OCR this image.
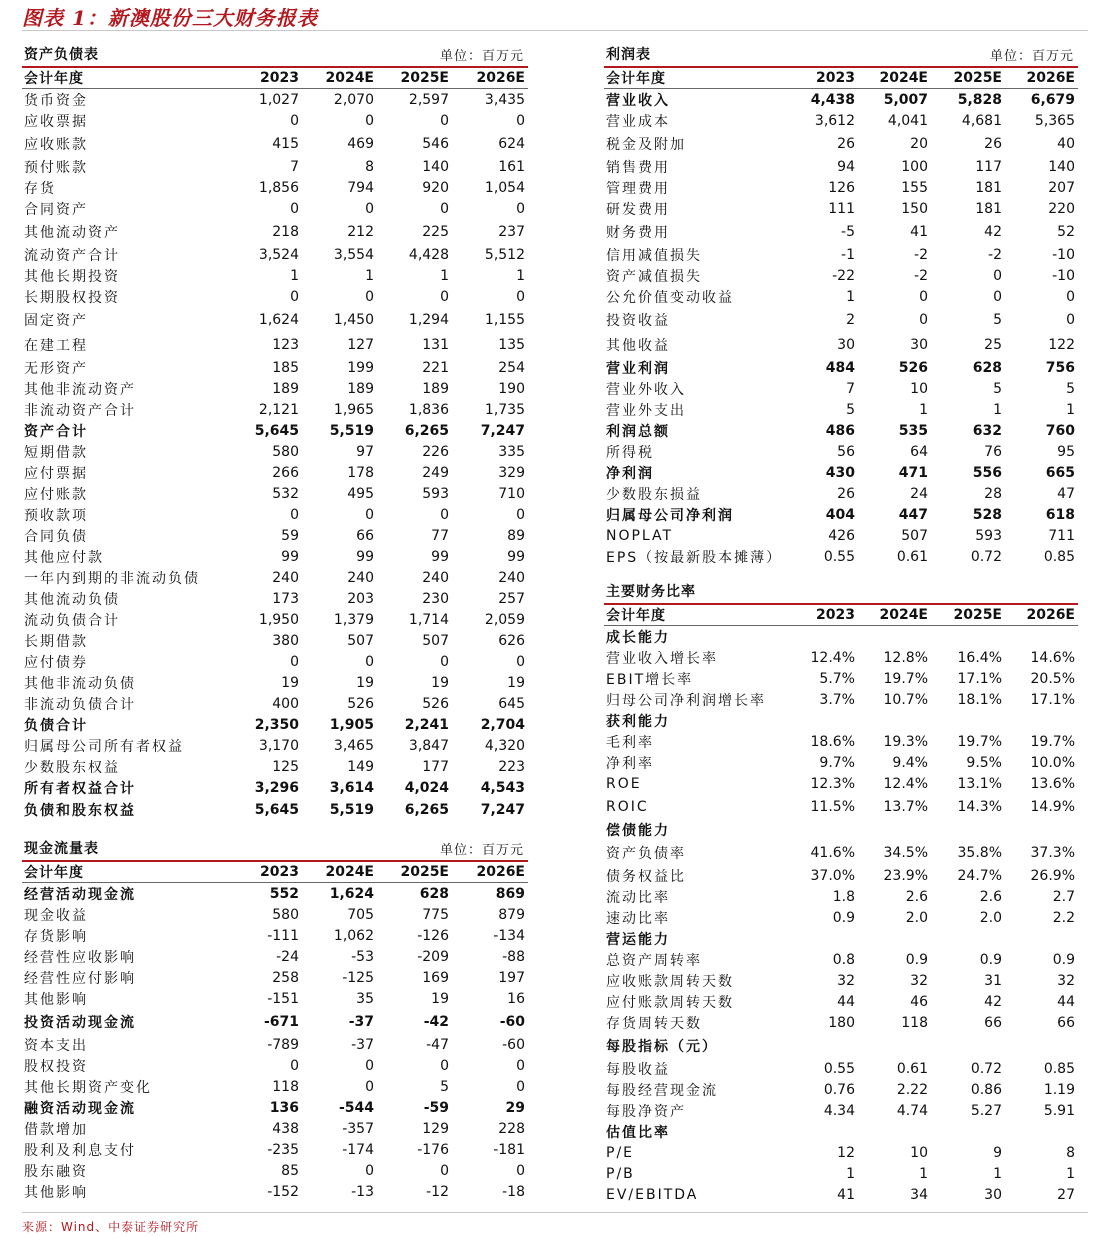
图表 1：新澳股份三大财务报表
资产负债表	单位：百万元
会计年度	2023	2024E	2025E	2026E
货币资金	1,027	2,070	2,597	3,435
应收票据	0	0	0	0
应收账款	415	469	546	624
预付账款	7	8	140	161
存货	1,856	794	920	1,054
合同资产	0	0	0	0
其他流动资产	218	212	225	237
流动资产合计	3,524	3,554	4,428	5,512
其他长期投资	1	1	1	1
长期股权投资	0	0	0	0
固定资产	1,624	1,450	1,294	1,155
在建工程	123	127	131	135
无形资产	185	199	221	254
其他非流动资产	189	189	189	190
非流动资产合计	2,121	1,965	1,836	1,735
资产合计	5,645	5,519	6,265	7,247
短期借款	580	97	226	335
应付票据	266	178	249	329
应付账款	532	495	593	710
预收款项	0	0	0	0
合同负债	59	66	77	89
其他应付款	99	99	99	99
一年内到期的非流动负债	240	240	240	240
其他流动负债	173	203	230	257
流动负债合计	1,950	1,379	1,714	2,059
长期借款	380	507	507	626
应付债券	0	0	0	0
其他非流动负债	19	19	19	19
非流动负债合计	400	526	526	645
负债合计	2,350	1,905	2,241	2,704
归属母公司所有者权益	3,170	3,465	3,847	4,320
少数股东权益	125	149	177	223
所有者权益合计	3,296	3,614	4,024	4,543
负债和股东权益	5,645	5,519	6,265	7,247
现金流量表	单位：百万元
会计年度	2023	2024E	2025E	2026E
经营活动现金流	552	1,624	628	869
现金收益	580	705	775	879
存货影响	-111	1,062	-126	-134
经营性应收影响	-24	-53	-209	-88
经营性应付影响	258	-125	169	197
其他影响	-151	35	19	16
投资活动现金流	-671	-37	-42	-60
资本支出	-789	-37	-47	-60
股权投资	0	0	0	0
其他长期资产变化	118	0	5	0
融资活动现金流	136	-544	-59	29
借款增加	438	-357	129	228
股利及利息支付	-235	-174	-176	-181
股东融资	85	0	0	0
其他影响	-152	-13	-12	-18
利润表	单位：百万元
会计年度	2023	2024E	2025E	2026E
营业收入	4,438	5,007	5,828	6,679
营业成本	3,612	4,041	4,681	5,365
税金及附加	26	20	26	40
销售费用	94	100	117	140
管理费用	126	155	181	207
研发费用	111	150	181	220
财务费用	-5	41	42	52
信用减值损失	-1	-2	-2	-10
资产减值损失	-22	-2	0	-10
公允价值变动收益	1	0	0	0
投资收益	2	0	5	0
其他收益	30	30	25	122
营业利润	484	526	628	756
营业外收入	7	10	5	5
营业外支出	5	1	1	1
利润总额	486	535	632	760
所得税	56	64	76	95
净利润	430	471	556	665
少数股东损益	26	24	28	47
归属母公司净利润	404	447	528	618
NOPLAT	426	507	593	711
EPS（按最新股本摊薄）	0.55	0.61	0.72	0.85
主要财务比率
会计年度	2023	2024E	2025E	2026E
成长能力
营业收入增长率	12.4%	12.8%	16.4%	14.6%
EBIT增长率	5.7%	19.7%	17.1%	20.5%
归母公司净利润增长率	3.7%	10.7%	18.1%	17.1%
获利能力
毛利率	18.6%	19.3%	19.7%	19.7%
净利率	9.7%	9.4%	9.5%	10.0%
ROE	12.3%	12.4%	13.1%	13.6%
ROIC	11.5%	13.7%	14.3%	14.9%
偿债能力
资产负债率	41.6%	34.5%	35.8%	37.3%
债务权益比	37.0%	23.9%	24.7%	26.9%
流动比率	1.8	2.6	2.6	2.7
速动比率	0.9	2.0	2.0	2.2
营运能力
总资产周转率	0.8	0.9	0.9	0.9
应收账款周转天数	32	32	31	32
应付账款周转天数	44	46	42	44
存货周转天数	180	118	66	66
每股指标（元）
每股收益	0.55	0.61	0.72	0.85
每股经营现金流	0.76	2.22	0.86	1.19
每股净资产	4.34	4.74	5.27	5.91
估值比率
P/E	12	10	9	8
P/B	1	1	1	1
EV/EBITDA	41	34	30	27
来源：Wind、中泰证券研究所
